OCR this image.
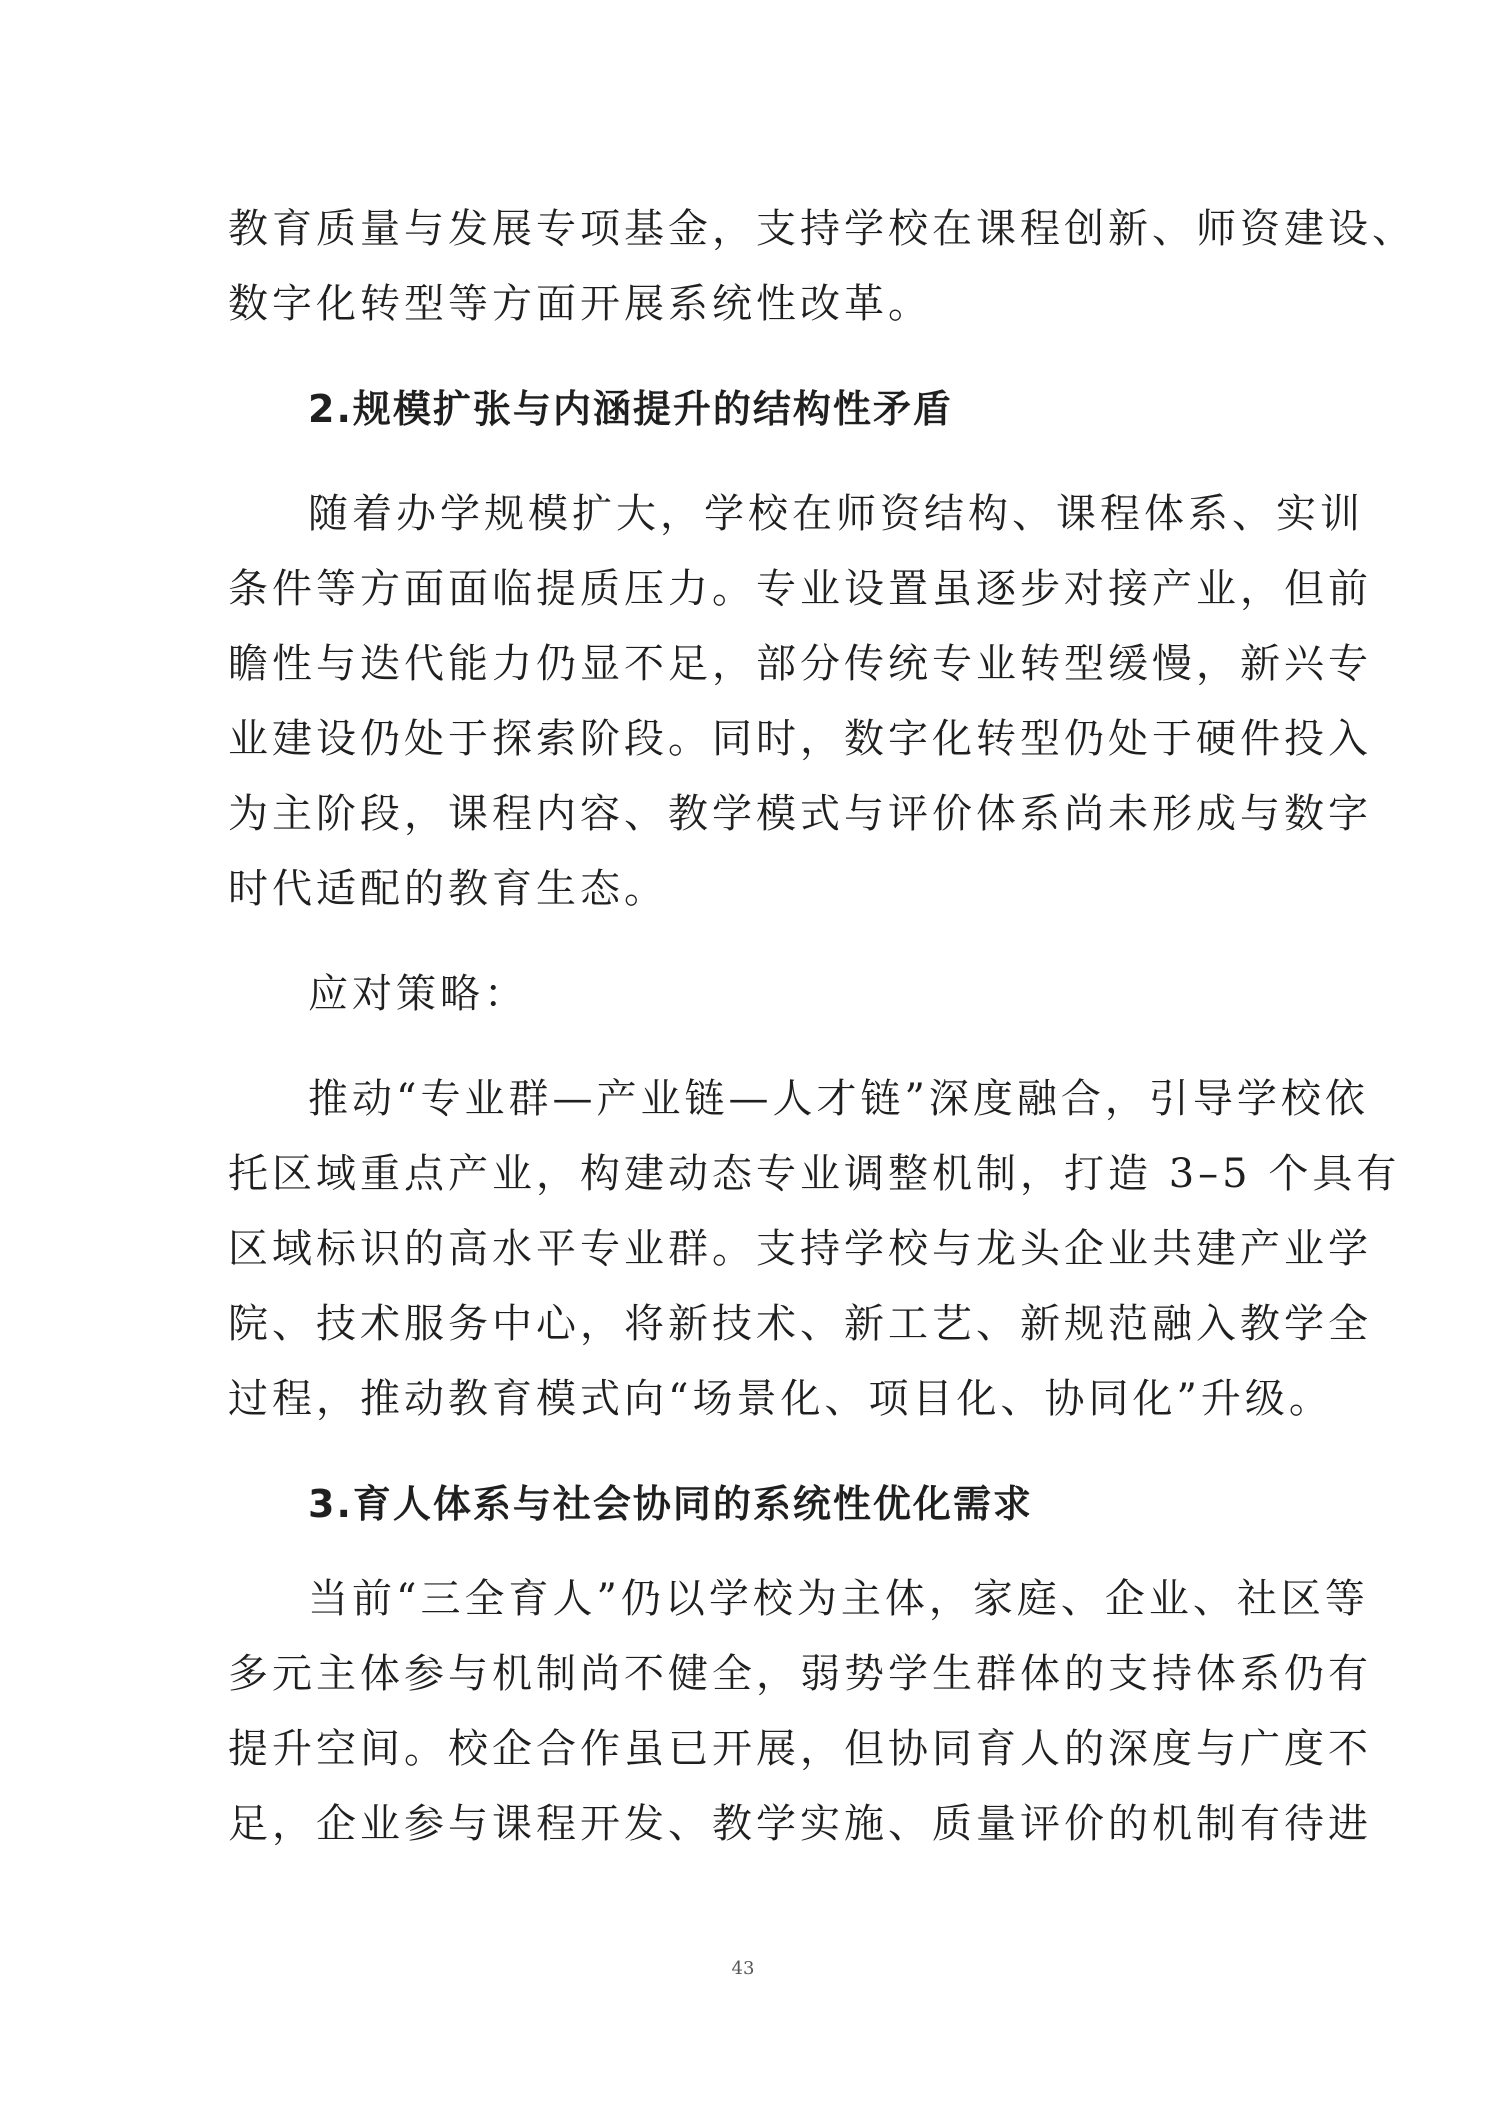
教育质量与发展专项基金，支持学校在课程创新、师资建设、
数字化转型等方面开展系统性改革。

2.规模扩张与内涵提升的结构性矛盾

随着办学规模扩大，学校在师资结构、课程体系、实训
条件等方面面临提质压力。专业设置虽逐步对接产业，但前
瞻性与迭代能力仍显不足，部分传统专业转型缓慢，新兴专
业建设仍处于探索阶段。同时，数字化转型仍处于硬件投入
为主阶段，课程内容、教学模式与评价体系尚未形成与数字
时代适配的教育生态。

应对策略：

推动“专业群—产业链—人才链”深度融合，引导学校依
托区域重点产业，构建动态专业调整机制，打造 3–5 个具有
区域标识的高水平专业群。支持学校与龙头企业共建产业学
院、技术服务中心，将新技术、新工艺、新规范融入教学全
过程，推动教育模式向“场景化、项目化、协同化”升级。

3.育人体系与社会协同的系统性优化需求

当前“三全育人”仍以学校为主体，家庭、企业、社区等
多元主体参与机制尚不健全，弱势学生群体的支持体系仍有
提升空间。校企合作虽已开展，但协同育人的深度与广度不
足，企业参与课程开发、教学实施、质量评价的机制有待进

43
